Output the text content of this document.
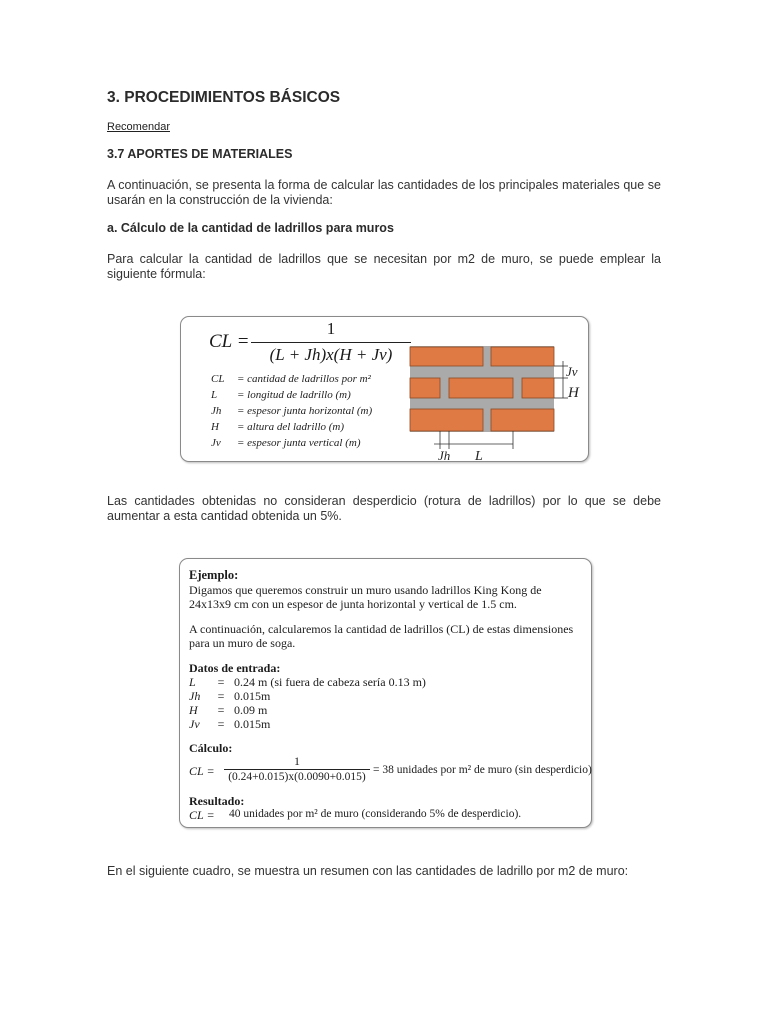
3. PROCEDIMIENTOS BÁSICOS
Recomendar
3.7 APORTES DE MATERIALES

A continuación, se presenta la forma de calcular las cantidades de los principales materiales que se usarán en la construcción de la vivienda:

a. Cálculo de la cantidad de ladrillos para muros

Para calcular la cantidad de ladrillos que se necesitan por m2 de muro, se puede emplear la siguiente fórmula:

CL =
1
(L + Jh)x(H + Jv)
CL = cantidad de ladrillos por m²
L = longitud de ladrillo (m)
Jh = espesor junta horizontal (m)
H = altura del ladrillo (m)
Jv = espesor junta vertical (m)
Jv
H
Jh L

Las cantidades obtenidas no consideran desperdicio (rotura de ladrillos) por lo que se debe aumentar a esta cantidad obtenida un 5%.

Ejemplo:
Digamos que queremos construir un muro usando ladrillos King Kong de
24x13x9 cm con un espesor de junta horizontal y vertical de 1.5 cm.
A continuación, calcularemos la cantidad de ladrillos (CL) de estas dimensiones
para un muro de soga.
Datos de entrada:
L = 0.24 m (si fuera de cabeza sería 0.13 m)
Jh = 0.015m
H = 0.09 m
Jv = 0.015m
Cálculo:
CL =
1
(0.24+0.015)x(0.0090+0.015)
= 38 unidades por m² de muro (sin desperdicio)
Resultado:
CL = 40 unidades por m² de muro (considerando 5% de desperdicio).

En el siguiente cuadro, se muestra un resumen con las cantidades de ladrillo por m2 de muro:
